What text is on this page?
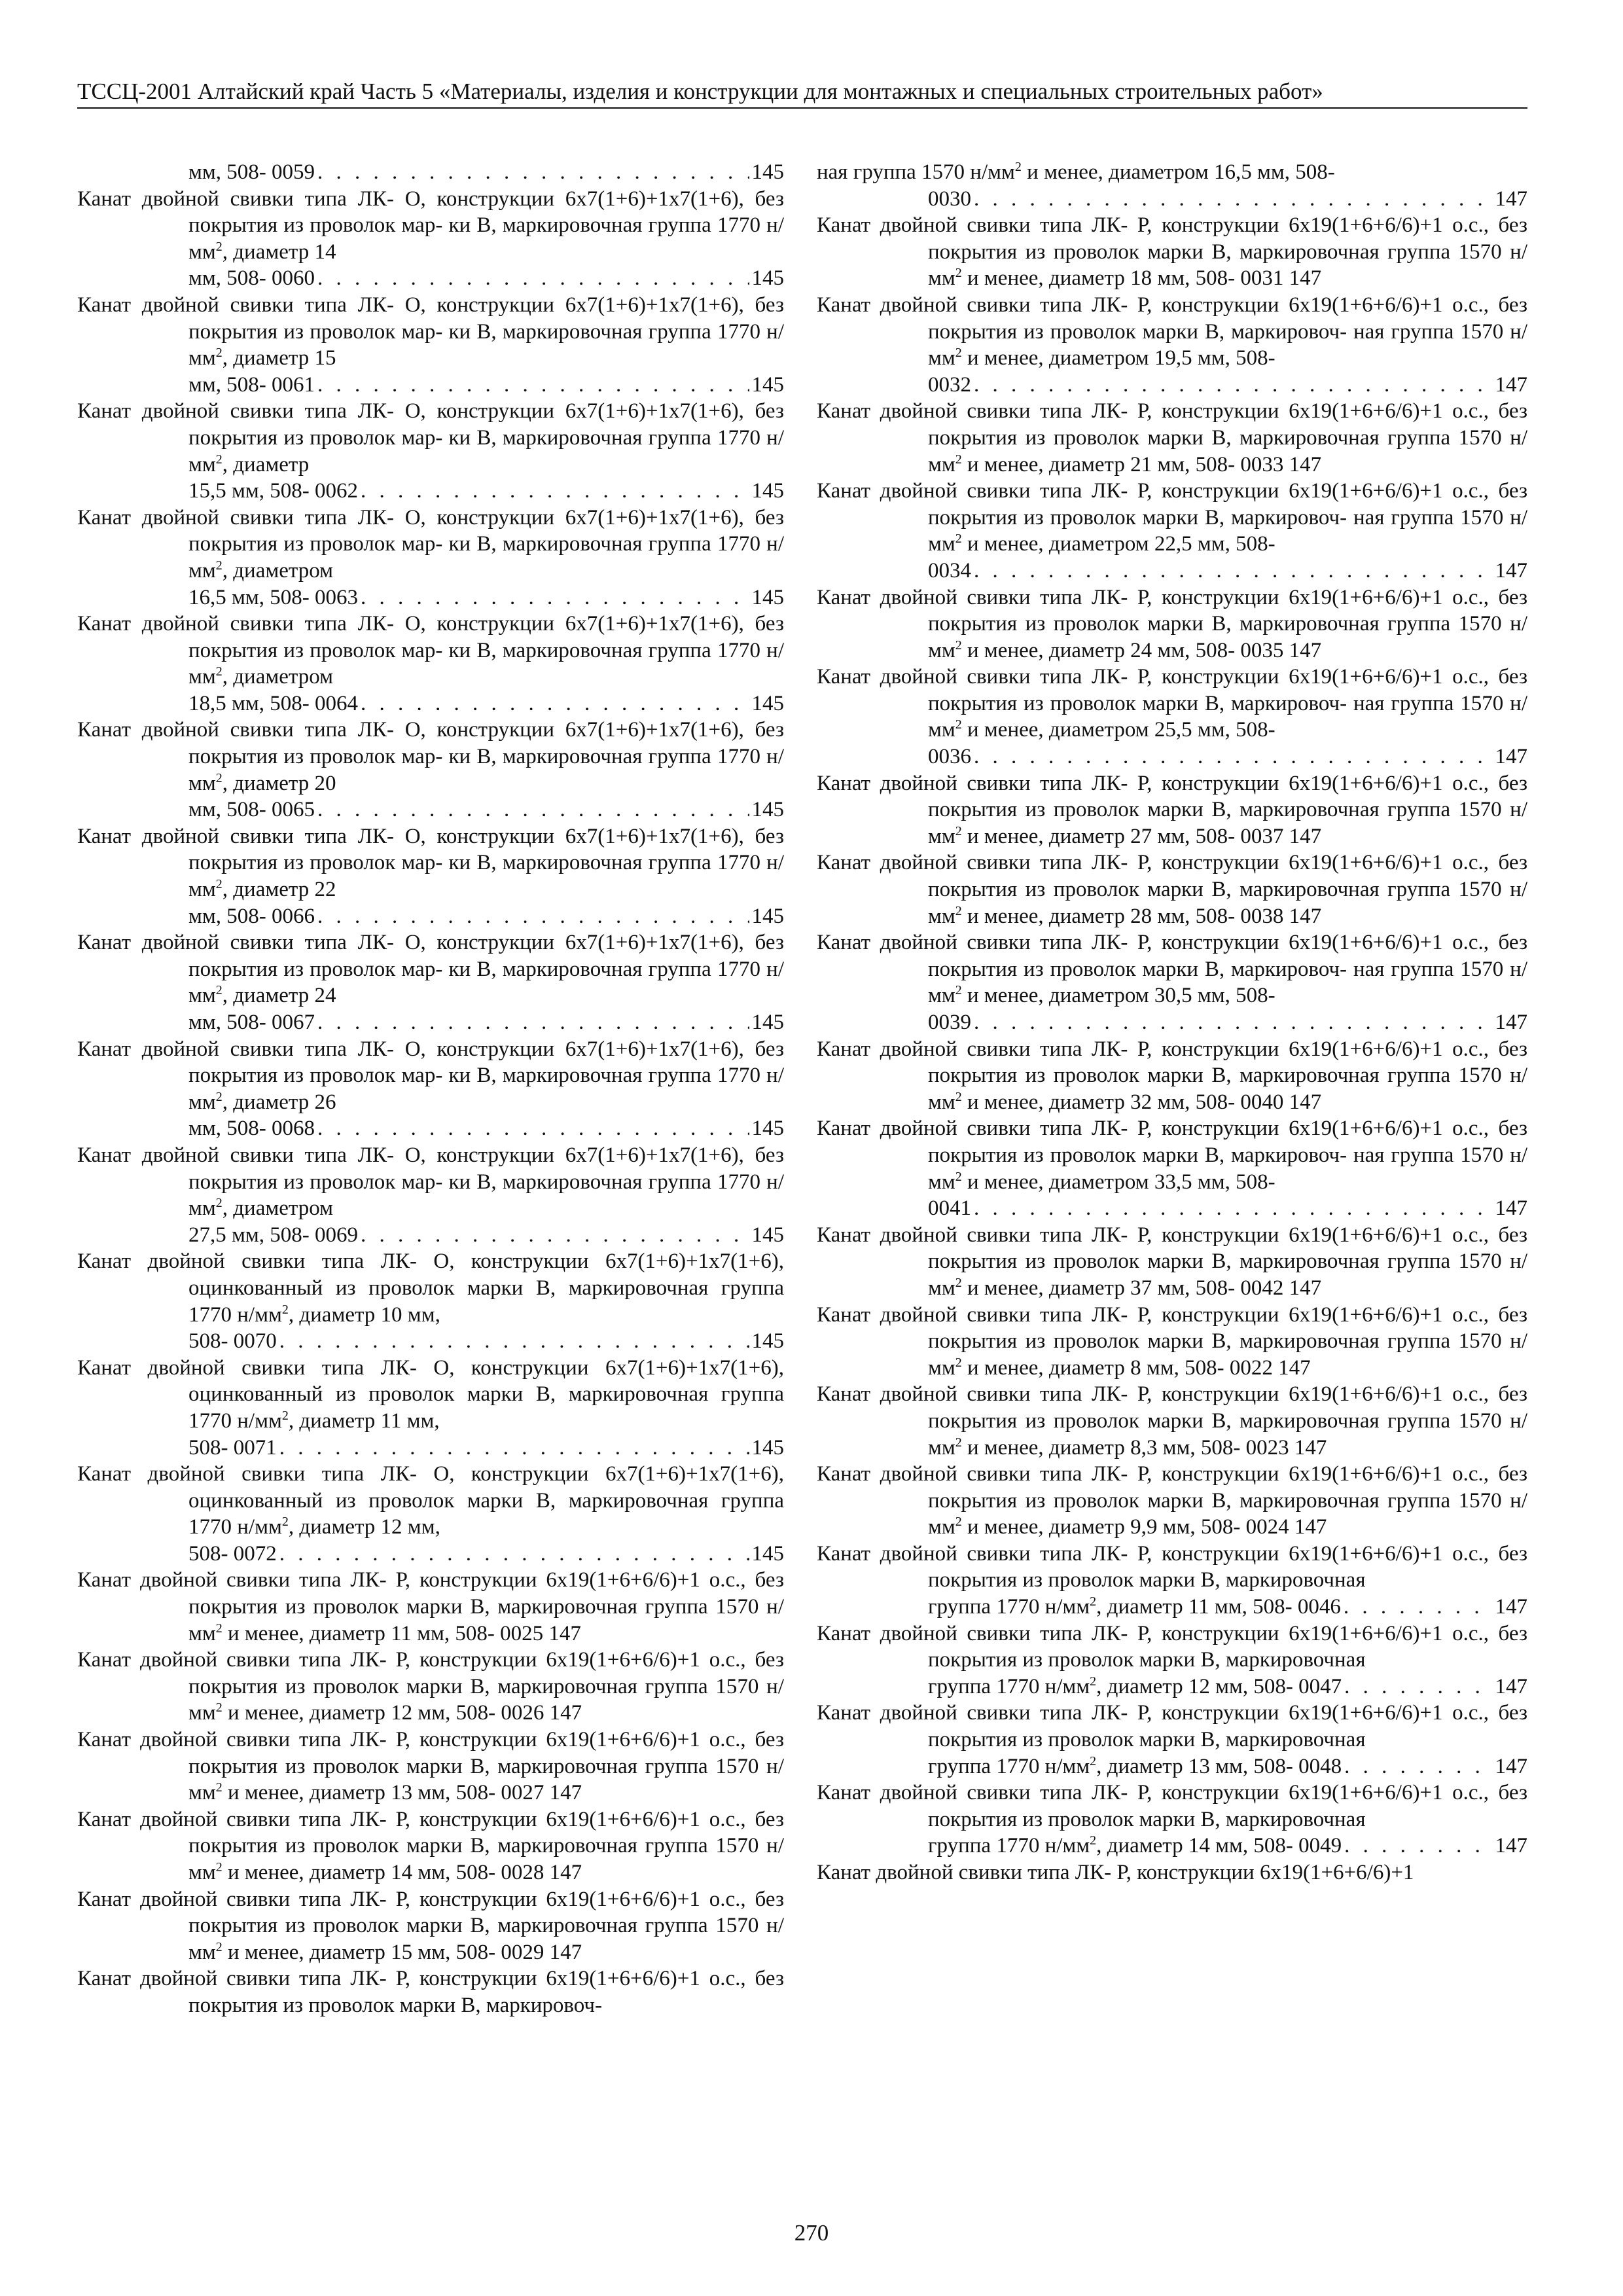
ТССЦ-2001 Алтайский край Часть 5 «Материалы, изделия и конструкции для монтажных и специальных строительных работ»
мм, 508- 0059 . . .	145
Канат двойной свивки типа ЛК- О, конструкции 6x7(1+6)+1x7(1+6), без покрытия из проволок мар- ки В, маркировочная группа 1770 $н/мм^2$, диаметр 14
мм, 508- 0060 . . .	145
Канат двойной свивки типа ЛК- О, конструкции 6x7(1+6)+1x7(1+6), без покрытия из проволок мар- ки В, маркировочная группа 1770 $н/мм^2$, диаметр 15
мм, 508- 0061 . . .	145
Канат двойной свивки типа ЛК- О, конструкции 6x7(1+6)+1x7(1+6), без покрытия из проволок мар- ки В, маркировочная группа 1770 $н/мм^2$, диаметр
15,5 мм, 508- 0062 . . .	145
Канат двойной свивки типа ЛК- О, конструкции 6x7(1+6)+1x7(1+6), без покрытия из проволок мар- ки В, маркировочная группа 1770 $н/мм^2$, диаметром
16,5 мм, 508- 0063 . . .	145
Канат двойной свивки типа ЛК- О, конструкции 6x7(1+6)+1x7(1+6), без покрытия из проволок мар- ки В, маркировочная группа 1770 $н/мм^2$, диаметром
18,5 мм, 508- 0064 . . .	145
Канат двойной свивки типа ЛК- О, конструкции 6x7(1+6)+1x7(1+6), без покрытия из проволок мар- ки В, маркировочная группа 1770 $н/мм^2$, диаметр 20
мм, 508- 0065 . . .	145
Канат двойной свивки типа ЛК- О, конструкции 6x7(1+6)+1x7(1+6), без покрытия из проволок мар- ки В, маркировочная группа 1770 $н/мм^2$, диаметр 22
мм, 508- 0066 . . .	145
Канат двойной свивки типа ЛК- О, конструкции 6x7(1+6)+1x7(1+6), без покрытия из проволок мар- ки В, маркировочная группа 1770 $н/мм^2$, диаметр 24
мм, 508- 0067 . . .	145
Канат двойной свивки типа ЛК- О, конструкции 6x7(1+6)+1x7(1+6), без покрытия из проволок мар- ки В, маркировочная группа 1770 $н/мм^2$, диаметр 26
мм, 508- 0068 . . .	145
Канат двойной свивки типа ЛК- О, конструкции 6x7(1+6)+1x7(1+6), без покрытия из проволок мар- ки В, маркировочная группа 1770 $н/мм^2$, диаметром
27,5 мм, 508- 0069 . . .	145
Канат двойной свивки типа ЛК- О, конструкции 6x7(1+6)+1x7(1+6), оцинкованный из проволок марки В, маркировочная группа 1770 $н/мм^2$, диаметр 10 мм,
508- 0070 . . .	145
Канат двойной свивки типа ЛК- О, конструкции 6x7(1+6)+1x7(1+6), оцинкованный из проволок марки В, маркировочная группа 1770 $н/мм^2$, диаметр 11 мм,
508- 0071 . . .	145
Канат двойной свивки типа ЛК- О, конструкции 6x7(1+6)+1x7(1+6), оцинкованный из проволок марки В, маркировочная группа 1770 $н/мм^2$, диаметр 12 мм,
508- 0072 . . .	145
Канат двойной свивки типа ЛК- Р, конструкции 6x19(1+6+6/6)+1 о.с., без покрытия из проволок марки В, маркировочная группа 1570 $н/мм^2$ и менее, диаметр 11 мм, 508- 0025 147
Канат двойной свивки типа ЛК- Р, конструкции 6x19(1+6+6/6)+1 о.с., без покрытия из проволок марки В, маркировочная группа 1570 $н/мм^2$ и менее, диаметр 12 мм, 508- 0026 147
Канат двойной свивки типа ЛК- Р, конструкции 6x19(1+6+6/6)+1 о.с., без покрытия из проволок марки В, маркировочная группа 1570 $н/мм^2$ и менее, диаметр 13 мм, 508- 0027 147
Канат двойной свивки типа ЛК- Р, конструкции 6x19(1+6+6/6)+1 о.с., без покрытия из проволок марки В, маркировочная группа 1570 $н/мм^2$ и менее, диаметр 14 мм, 508- 0028 147
Канат двойной свивки типа ЛК- Р, конструкции 6x19(1+6+6/6)+1 о.с., без покрытия из проволок марки В, маркировочная группа 1570 $н/мм^2$ и менее, диаметр 15 мм, 508- 0029 147
Канат двойной свивки типа ЛК- Р, конструкции 6x19(1+6+6/6)+1 о.с., без покрытия из проволок марки В, маркировоч-
ная группа 1570 $н/мм^2$ и менее, диаметром 16,5 мм, 508-
0030 . . .	147
Канат двойной свивки типа ЛК- Р, конструкции 6x19(1+6+6/6)+1 о.с., без покрытия из проволок марки В, маркировочная группа 1570 $н/мм^2$ и менее, диаметр 18 мм, 508- 0031 147
Канат двойной свивки типа ЛК- Р, конструкции 6x19(1+6+6/6)+1 о.с., без покрытия из проволок марки В, маркировоч- ная группа 1570 $н/мм^2$ и менее, диаметром 19,5 мм, 508-
0032 . . .	147
Канат двойной свивки типа ЛК- Р, конструкции 6x19(1+6+6/6)+1 о.с., без покрытия из проволок марки В, маркировочная группа 1570 $н/мм^2$ и менее, диаметр 21 мм, 508- 0033 147
Канат двойной свивки типа ЛК- Р, конструкции 6x19(1+6+6/6)+1 о.с., без покрытия из проволок марки В, маркировоч- ная группа 1570 $н/мм^2$ и менее, диаметром 22,5 мм, 508-
0034 . . .	147
Канат двойной свивки типа ЛК- Р, конструкции 6x19(1+6+6/6)+1 о.с., без покрытия из проволок марки В, маркировочная группа 1570 $н/мм^2$ и менее, диаметр 24 мм, 508- 0035 147
Канат двойной свивки типа ЛК- Р, конструкции 6x19(1+6+6/6)+1 о.с., без покрытия из проволок марки В, маркировоч- ная группа 1570 $н/мм^2$ и менее, диаметром 25,5 мм, 508-
0036 . . .	147
Канат двойной свивки типа ЛК- Р, конструкции 6x19(1+6+6/6)+1 о.с., без покрытия из проволок марки В, маркировочная группа 1570 $н/мм^2$ и менее, диаметр 27 мм, 508- 0037 147
Канат двойной свивки типа ЛК- Р, конструкции 6x19(1+6+6/6)+1 о.с., без покрытия из проволок марки В, маркировочная группа 1570 $н/мм^2$ и менее, диаметр 28 мм, 508- 0038 147
Канат двойной свивки типа ЛК- Р, конструкции 6x19(1+6+6/6)+1 о.с., без покрытия из проволок марки В, маркировоч- ная группа 1570 $н/мм^2$ и менее, диаметром 30,5 мм, 508-
0039 . . .	147
Канат двойной свивки типа ЛК- Р, конструкции 6x19(1+6+6/6)+1 о.с., без покрытия из проволок марки В, маркировочная группа 1570 $н/мм^2$ и менее, диаметр 32 мм, 508- 0040 147
Канат двойной свивки типа ЛК- Р, конструкции 6x19(1+6+6/6)+1 о.с., без покрытия из проволок марки В, маркировоч- ная группа 1570 $н/мм^2$ и менее, диаметром 33,5 мм, 508-
0041 . . .	147
Канат двойной свивки типа ЛК- Р, конструкции 6x19(1+6+6/6)+1 о.с., без покрытия из проволок марки В, маркировочная группа 1570 $н/мм^2$ и менее, диаметр 37 мм, 508- 0042 147
Канат двойной свивки типа ЛК- Р, конструкции 6x19(1+6+6/6)+1 о.с., без покрытия из проволок марки В, маркировочная группа 1570 $н/мм^2$ и менее, диаметр 8 мм, 508- 0022 147
Канат двойной свивки типа ЛК- Р, конструкции 6x19(1+6+6/6)+1 о.с., без покрытия из проволок марки В, маркировочная группа 1570 $н/мм^2$ и менее, диаметр 8,3 мм, 508- 0023 147
Канат двойной свивки типа ЛК- Р, конструкции 6x19(1+6+6/6)+1 о.с., без покрытия из проволок марки В, маркировочная группа 1570 $н/мм^2$ и менее, диаметр 9,9 мм, 508- 0024 147
Канат двойной свивки типа ЛК- Р, конструкции 6x19(1+6+6/6)+1 о.с., без покрытия из проволок марки В, маркировочная
группа 1770 $н/мм^2$, диаметр 11 мм, 508- 0046 . . .	147
Канат двойной свивки типа ЛК- Р, конструкции 6x19(1+6+6/6)+1 о.с., без покрытия из проволок марки В, маркировочная
группа 1770 $н/мм^2$, диаметр 12 мм, 508- 0047 . . .	147
Канат двойной свивки типа ЛК- Р, конструкции 6x19(1+6+6/6)+1 о.с., без покрытия из проволок марки В, маркировочная
группа 1770 $н/мм^2$, диаметр 13 мм, 508- 0048 . . .	147
Канат двойной свивки типа ЛК- Р, конструкции 6x19(1+6+6/6)+1 о.с., без покрытия из проволок марки В, маркировочная
группа 1770 $н/мм^2$, диаметр 14 мм, 508- 0049 . . .	147
Канат двойной свивки типа ЛК- Р, конструкции 6x19(1+6+6/6)+1
270
